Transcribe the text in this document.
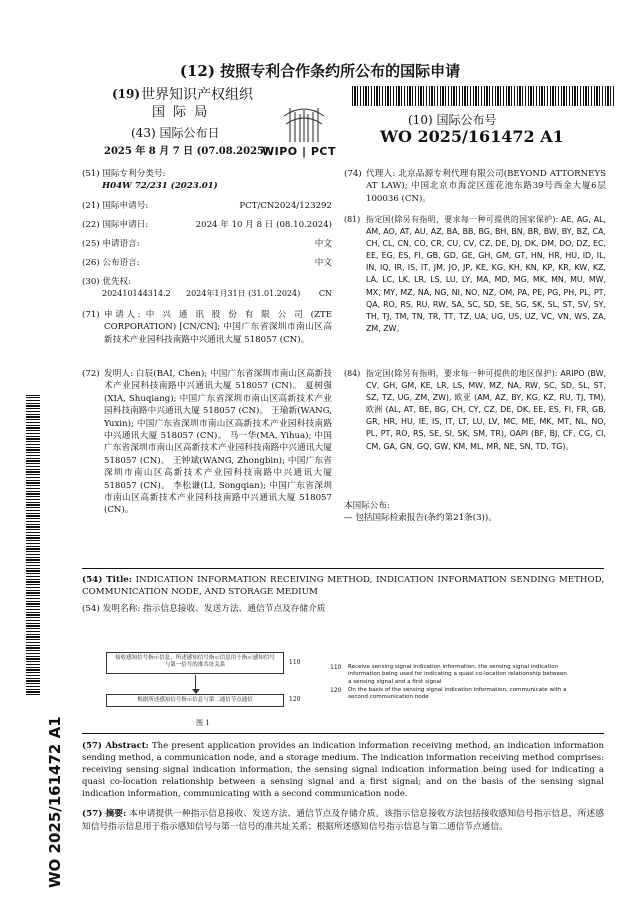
(12) 按照专利合作条约所公布的国际申请
(19) 世界知识产权组织
国 际 局
(43) 国际公布日
2025 年 8 月 7 日 (07.08.2025)
WIPO | PCT
(10) 国际公布号
WO 2025/161472 A1
(51) 国际专利分类号:
H04W 72/231 (2023.01)
(21) 国际申请号:	PCT/CN2024/123292
(22) 国际申请日:	2024 年 10 月 8 日 (08.10.2024)
(25) 申请语言:	中文
(26) 公布语言:	中文
(30) 优先权:
202410144314.2 2024年1月31日 (31.01.2024) CN
(71) 申请人: 中 兴 通 讯 股 份 有 限 公 司 (ZTE CORPORATION) [CN/CN]; 中国广东省深圳市南山区高新技术产业园科技南路中兴通讯大厦 518057 (CN)。
(72) 发明人: 白辰(BAI, Chen); 中国广东省深圳市南山区高新技术产业园科技南路中兴通讯大厦 518057 (CN)。 夏树强(XIA, Shuqiang); 中国广东省深圳市南山区高新技术产业园科技南路中兴通讯大厦 518057 (CN)。 王瑜新(WANG, Yuxin); 中国广东省深圳市南山区高新技术产业园科技南路中兴通讯大厦 518057 (CN)。 马一华(MA, Yihua); 中国广东省深圳市南山区高新技术产业园科技南路中兴通讯大厦 518057 (CN)。 王钟斌(WANG, Zhongbin); 中国广东省深圳市南山区高新技术产业园科技南路中兴通讯大厦 518057 (CN)。 李松谦(LI, Songqian); 中国广东省深圳市南山区高新技术产业园科技南路中兴通讯大厦 518057 (CN)。
(74) 代理人: 北京品源专利代理有限公司(BEYOND ATTORNEYS AT LAW); 中国北京市海淀区莲花池东路39号西金大厦6层 100036 (CN)。
(81) 指定国(除另有指明，要求每一种可提供的国家保护): AE, AG, AL, AM, AO, AT, AU, AZ, BA, BB, BG, BH, BN, BR, BW, BY, BZ, CA, CH, CL, CN, CO, CR, CU, CV, CZ, DE, DJ, DK, DM, DO, DZ, EC, EE, EG, ES, FI, GB, GD, GE, GH, GM, GT, HN, HR, HU, ID, IL, IN, IQ, IR, IS, IT, JM, JO, JP, KE, KG, KH, KN, KP, KR, KW, KZ, LA, LC, LK, LR, LS, LU, LY, MA, MD, MG, MK, MN, MU, MW, MX, MY, MZ, NA, NG, NI, NO, NZ, OM, PA, PE, PG, PH, PL, PT, QA, RO, RS, RU, RW, SA, SC, SD, SE, SG, SK, SL, ST, SV, SY, TH, TJ, TM, TN, TR, TT, TZ, UA, UG, US, UZ, VC, VN, WS, ZA, ZM, ZW。
(84) 指定国(除另有指明，要求每一种可提供的地区保护): ARIPO (BW, CV, GH, GM, KE, LR, LS, MW, MZ, NA, RW, SC, SD, SL, ST, SZ, TZ, UG, ZM, ZW), 欧亚 (AM, AZ, BY, KG, KZ, RU, TJ, TM), 欧洲 (AL, AT, BE, BG, CH, CY, CZ, DE, DK, EE, ES, FI, FR, GB, GR, HR, HU, IE, IS, IT, LT, LU, LV, MC, ME, MK, MT, NL, NO, PL, PT, RO, RS, SE, SI, SK, SM, TR), OAPI (BF, BJ, CF, CG, CI, CM, GA, GN, GQ, GW, KM, ML, MR, NE, SN, TD, TG)。
本国际公布:
— 包括国际检索报告(条约第21条(3))。
WO 2025/161472 A1
(54) Title: INDICATION INFORMATION RECEIVING METHOD, INDICATION INFORMATION SENDING METHOD, COMMUNICATION NODE, AND STORAGE MEDIUM
(54) 发明名称: 指示信息接收、发送方法、通信节点及存储介质
接收感知信号指示信息，所述感知信号指示信息用于指示感知信号与第一信号的准共址关系	110
根据所述感知信号指示信息与第二通信节点通信	120
图 1
110 Receive sensing signal indication information, the sensing signal indication information being used for indicating a quasi co-location relationship between a sensing signal and a first signal
120 On the basis of the sensing signal indication information, communicate with a second communication node
(57) Abstract: The present application provides an indication information receiving method, an indication information sending method, a communication node, and a storage medium. The indication information receiving method comprises: receiving sensing signal indication information, the sensing signal indication information being used for indicating a quasi co-location relationship between a sensing signal and a first signal; and on the basis of the sensing signal indication information, communicating with a second communication node.
(57) 摘要: 本申请提供一种指示信息接收、发送方法、通信节点及存储介质。该指示信息接收方法包括接收感知信号指示信息，所述感知信号指示信息用于指示感知信号与第一信号的准共址关系；根据所述感知信号指示信息与第二通信节点通信。
